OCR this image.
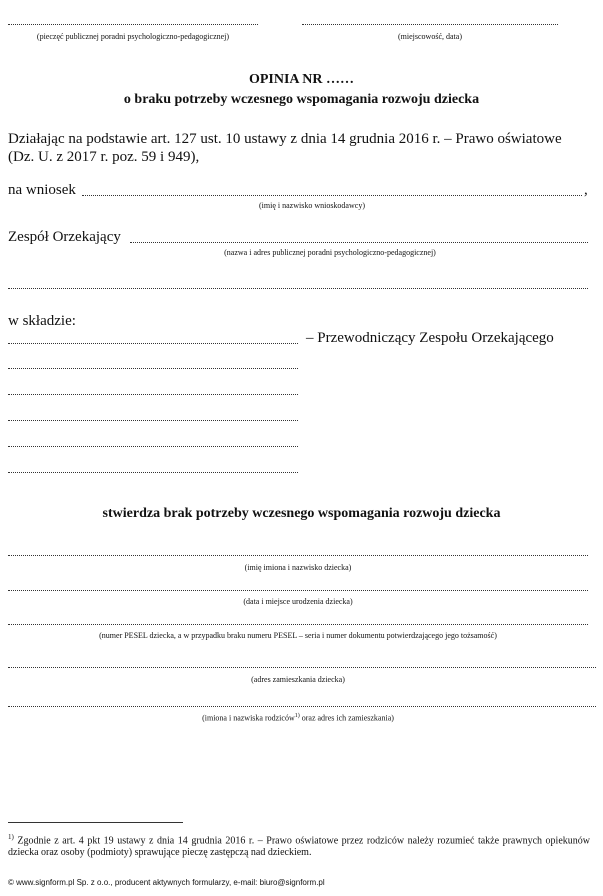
(pieczęć publicznej poradni psychologiczno-pedagogicznej)	(miejscowość, data)
OPINIA NR ……
o braku potrzeby wczesnego wspomagania rozwoju dziecka
Działając na podstawie art. 127 ust. 10 ustawy z dnia 14 grudnia 2016 r. – Prawo oświatowe
(Dz. U. z 2017 r. poz. 59 i 949),
na wniosek	,
(imię i nazwisko wnioskodawcy)
Zespół Orzekający
(nazwa i adres publicznej poradni psychologiczno-pedagogicznej)
w składzie:
– Przewodniczący Zespołu Orzekającego
stwierdza brak potrzeby wczesnego wspomagania rozwoju dziecka
(imię imiona i nazwisko dziecka)
(data i miejsce urodzenia dziecka)
(numer PESEL dziecka, a w przypadku braku numeru PESEL – seria i numer dokumentu potwierdzającego jego tożsamość)
(adres zamieszkania dziecka)
(imiona i nazwiska rodziców$^{1)}$ oraz adres ich zamieszkania)
$^{1)}$ Zgodnie z art. 4 pkt 19 ustawy z dnia 14 grudnia 2016 r. – Prawo oświatowe przez rodziców należy rozumieć także prawnych opiekunów dziecka oraz osoby (podmioty) sprawujące pieczę zastępczą nad dzieckiem.
© www.signform.pl Sp. z o.o., producent aktywnych formularzy, e-mail: biuro@signform.pl
